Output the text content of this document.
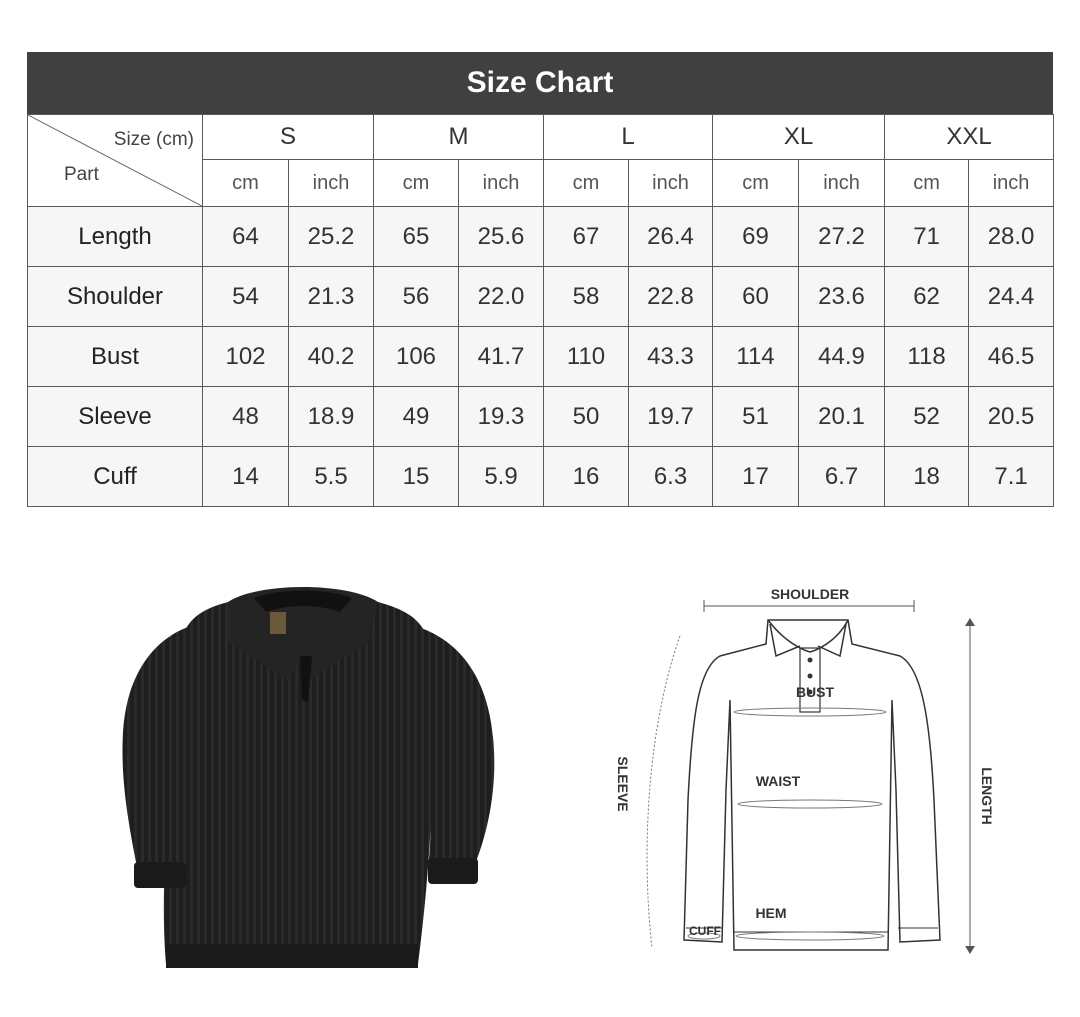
Size Chart
Size (cm)
Part	S		M		L		XL		XXL	
	cm	inch	cm	inch	cm	inch	cm	inch	cm	inch
Length	64	25.2	65	25.6	67	26.4	69	27.2	71	28.0
Shoulder	54	21.3	56	22.0	58	22.8	60	23.6	62	24.4
Bust	102	40.2	106	41.7	110	43.3	114	44.9	118	46.5
Sleeve	48	18.9	49	19.3	50	19.7	51	20.1	52	20.5
Cuff	14	5.5	15	5.9	16	6.3	17	6.7	18	7.1
SHOULDER
LENGTH
SLEEVE
BUST
WAIST
HEM
CUFF
